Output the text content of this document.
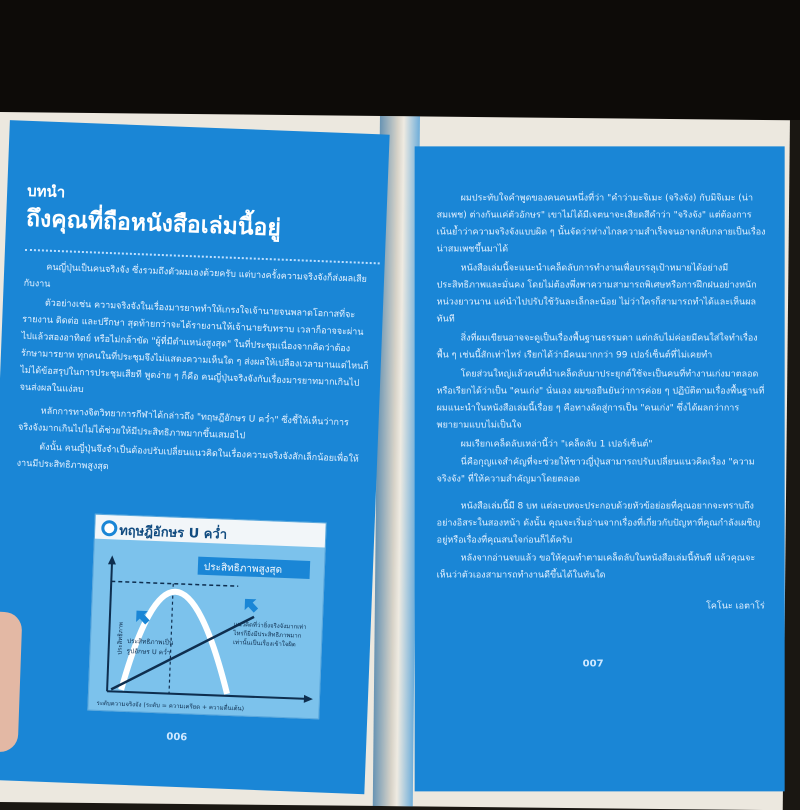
บทนำ
ถึงคุณที่ถือหนังสือเล่มนี้อยู่
คนญี่ปุ่นเป็นคนจริงจัง ซึ่งรวมถึงตัวผมเองด้วยครับ แต่บางครั้งความจริงจังก็ส่งผลเสียกับงาน
ตัวอย่างเช่น ความจริงจังในเรื่องมารยาททำให้เกรงใจเจ้านายจนพลาดโอกาสที่จะรายงาน ติดต่อ และปรึกษา สุดท้ายกว่าจะได้รายงานให้เจ้านายรับทราบ เวลาก็อาจจะผ่านไปแล้วสองอาทิตย์ หรือไม่กล้าขัด "ผู้ที่มีตำแหน่งสูงสุด" ในที่ประชุมเนื่องจากคิดว่าต้องรักษามารยาท ทุกคนในที่ประชุมจึงไม่แสดงความเห็นใด ๆ ส่งผลให้เปลืองเวลามานแต่ไหนก็ไม่ได้ข้อสรุปในการประชุมเสียที พูดง่าย ๆ ก็คือ คนญี่ปุ่นจริงจังกับเรื่องมารยาทมากเกินไปจนส่งผลในแง่ลบ
หลักการทางจิตวิทยาการกีฬาได้กล่าวถึง "ทฤษฎีอักษร U คว่ำ" ซึ่งชี้ให้เห็นว่าการจริงจังมากเกินไปไม่ได้ช่วยให้มีประสิทธิภาพมากขึ้นเสมอไป
ดังนั้น คนญี่ปุ่นจึงจำเป็นต้องปรับเปลี่ยนแนวคิดในเรื่องความจริงจังสักเล็กน้อยเพื่อให้งานมีประสิทธิภาพสูงสุด
ทฤษฎีอักษร U คว่ำ
ประสิทธิภาพสูงสุด
ประสิทธิภาพ
ระดับความจริงจัง (ระดับ = ความเครียด + ความตื่นเต้น)
ประสิทธิภาพเป็นรูปอักษร U คว่ำ
แนวคิดที่ว่ายิ่งจริงจังมากเท่าไหร่ก็ยิ่งมีประสิทธิภาพมากเท่านั้นเป็นเรื่องเข้าใจผิด
006
ผมประทับใจคำพูดของคนคนหนึ่งที่ว่า "คำว่ามะจิเมะ (จริงจัง) กับมิจิเมะ (น่าสมเพช) ต่างกันแค่ตัวอักษร" เขาไม่ได้มีเจตนาจะเสียดสีคำว่า "จริงจัง" แต่ต้องการเน้นย้ำว่าความจริงจังแบบผิด ๆ นั้นจัดว่าห่างไกลความสำเร็จจนอาจกลับกลายเป็นเรื่องน่าสมเพชขึ้นมาได้
หนังสือเล่มนี้จะแนะนำเคล็ดลับการทำงานเพื่อบรรลุเป้าหมายได้อย่างมีประสิทธิภาพและมั่นคง โดยไม่ต้องพึ่งพาความสามารถพิเศษหรือการฝึกฝนอย่างหนักหน่วงยาวนาน แค่นำไปปรับใช้วันละเล็กละน้อย ไม่ว่าใครก็สามารถทำได้และเห็นผลทันที
สิ่งที่ผมเขียนอาจจะดูเป็นเรื่องพื้นฐานธรรมดา แต่กลับไม่ค่อยมีคนใส่ใจทำเรื่องพื้น ๆ เช่นนี้สักเท่าไหร่ เรียกได้ว่ามีคนมากกว่า 99 เปอร์เซ็นต์ที่ไม่เคยทำ
โดยส่วนใหญ่แล้วคนที่นำเคล็ดลับมาประยุกต์ใช้จะเป็นคนที่ทำงานเก่งมาตลอด หรือเรียกได้ว่าเป็น "คนเก่ง" นั่นเอง ผมขอยืนยันว่าการค่อย ๆ ปฏิบัติตามเรื่องพื้นฐานที่ผมแนะนำในหนังสือเล่มนี้เรื่อย ๆ คือทางลัดสู่การเป็น "คนเก่ง" ซึ่งได้ผลกว่าการพยายามแบบไม่เป็นใจ
ผมเรียกเคล็ดลับเหล่านี้ว่า "เคล็ดลับ 1 เปอร์เซ็นต์"
นี่คือกุญแจสำคัญที่จะช่วยให้ชาวญี่ปุ่นสามารถปรับเปลี่ยนแนวคิดเรื่อง "ความจริงจัง" ที่ให้ความสำคัญมาโดยตลอด
หนังสือเล่มนี้มี 8 บท แต่ละบทจะประกอบด้วยหัวข้อย่อยที่คุณอยากจะทราบถึงอย่างอิสระในสองหน้า ดังนั้น คุณจะเริ่มอ่านจากเรื่องที่เกี่ยวกับปัญหาที่คุณกำลังเผชิญอยู่หรือเรื่องที่คุณสนใจก่อนก็ได้ครับ
หลังจากอ่านจบแล้ว ขอให้คุณทำตามเคล็ดลับในหนังสือเล่มนี้ทันที แล้วคุณจะเห็นว่าตัวเองสามารถทำงานดีขึ้นได้ในทันใด
โคโนะ เอตาโร่
007
